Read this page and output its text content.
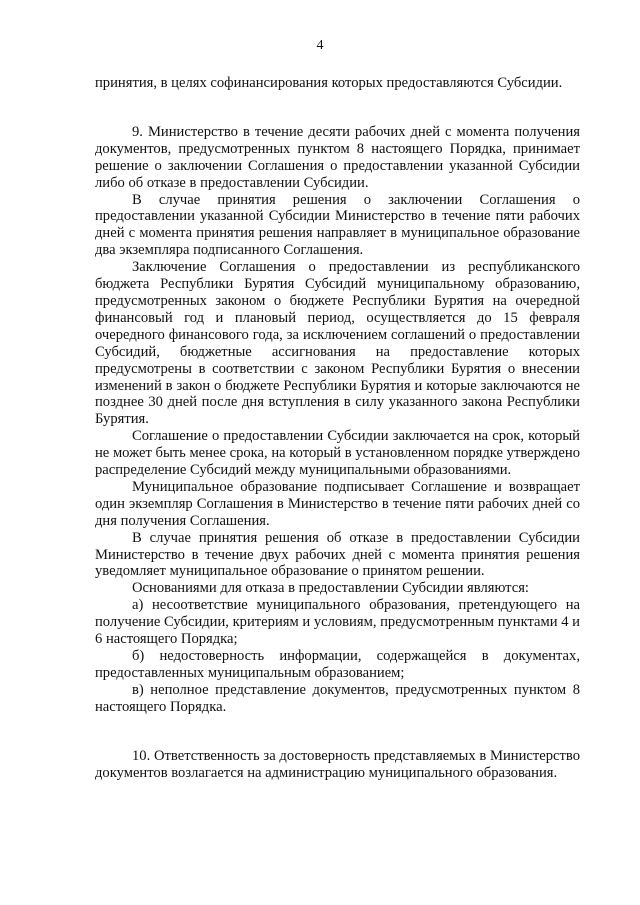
4

принятия, в целях софинансирования которых предоставляются Субсидии.

9. Министерство в течение десяти рабочих дней с момента получения документов, предусмотренных пунктом 8 настоящего Порядка, принимает решение о заключении Соглашения о предоставлении указанной Субсидии либо об отказе в предоставлении Субсидии.

В случае принятия решения о заключении Соглашения о предоставлении указанной Субсидии Министерство в течение пяти рабочих дней с момента принятия решения направляет в муниципальное образование два экземпляра подписанного Соглашения.

Заключение Соглашения о предоставлении из республиканского бюджета Республики Бурятия Субсидий муниципальному образованию, предусмотренных законом о бюджете Республики Бурятия на очередной финансовый год и плановый период, осуществляется до 15 февраля очередного финансового года, за исключением соглашений о предоставлении Субсидий, бюджетные ассигнования на предоставление которых предусмотрены в соответствии с законом Республики Бурятия о внесении изменений в закон о бюджете Республики Бурятия и которые заключаются не позднее 30 дней после дня вступления в силу указанного закона Республики Бурятия.

Соглашение о предоставлении Субсидии заключается на срок, который не может быть менее срока, на который в установленном порядке утверждено распределение Субсидий между муниципальными образованиями.

Муниципальное образование подписывает Соглашение и возвращает один экземпляр Соглашения в Министерство в течение пяти рабочих дней со дня получения Соглашения.

В случае принятия решения об отказе в предоставлении Субсидии Министерство в течение двух рабочих дней с момента принятия решения уведомляет муниципальное образование о принятом решении.

Основаниями для отказа в предоставлении Субсидии являются:

а) несоответствие муниципального образования, претендующего на получение Субсидии, критериям и условиям, предусмотренным пунктами 4 и 6 настоящего Порядка;

б) недостоверность информации, содержащейся в документах, предоставленных муниципальным образованием;

в) неполное представление документов, предусмотренных пунктом 8 настоящего Порядка.

10. Ответственность за достоверность представляемых в Министерство документов возлагается на администрацию муниципального образования.
